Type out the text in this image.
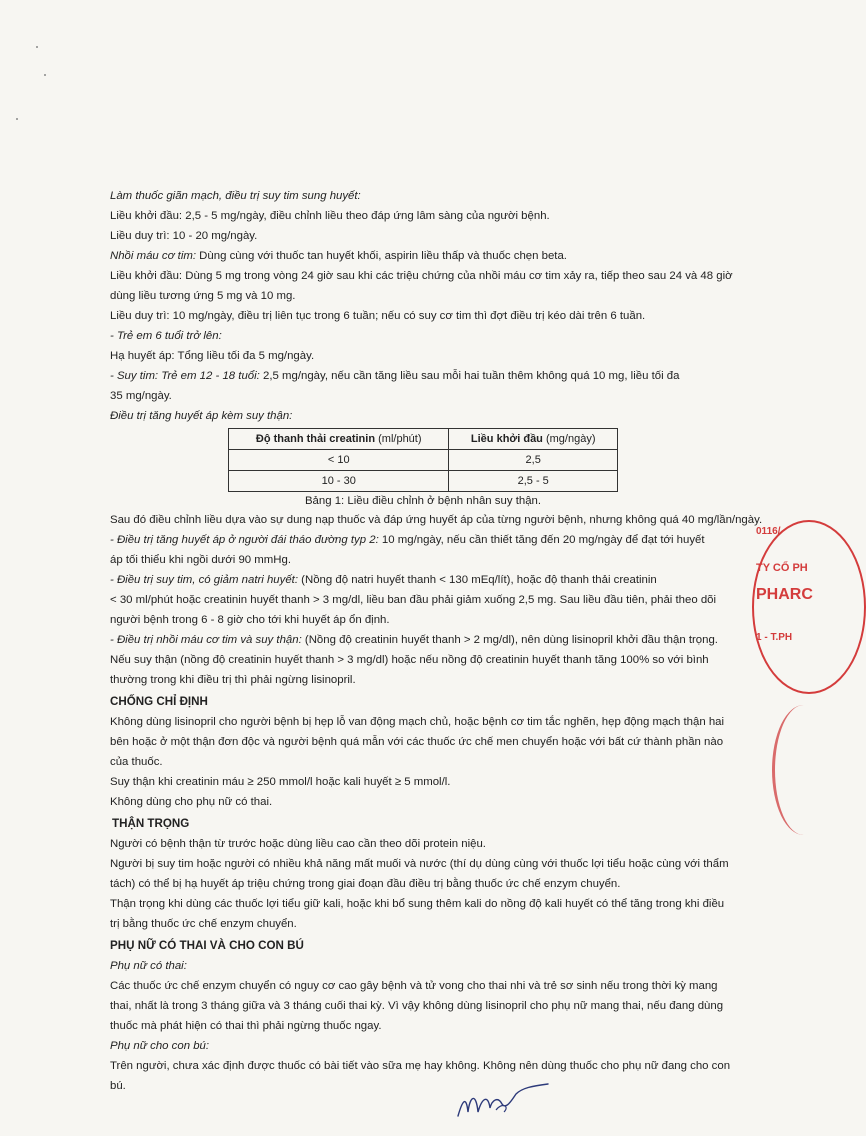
Làm thuốc giãn mạch, điều trị suy tim sung huyết:
Liều khởi đầu: 2,5 - 5 mg/ngày, điều chỉnh liều theo đáp ứng lâm sàng của người bệnh.
Liều duy trì: 10 - 20 mg/ngày.
Nhồi máu cơ tim: Dùng cùng với thuốc tan huyết khối, aspirin liều thấp và thuốc chẹn beta.
Liều khởi đầu: Dùng 5 mg trong vòng 24 giờ sau khi các triệu chứng của nhồi máu cơ tim xảy ra, tiếp theo sau 24 và 48 giờ
dùng liều tương ứng 5 mg và 10 mg.
Liều duy trì: 10 mg/ngày, điều trị liên tục trong 6 tuần; nếu có suy cơ tim thì đợt điều trị kéo dài trên 6 tuần.
- Trẻ em 6 tuổi trở lên:
Hạ huyết áp: Tổng liều tối đa 5 mg/ngày.
- Suy tim: Trẻ em 12 - 18 tuổi: 2,5 mg/ngày, nếu cần tăng liều sau mỗi hai tuần thêm không quá 10 mg, liều tối đa
35 mg/ngày.
Điều trị tăng huyết áp kèm suy thận:
Độ thanh thải creatinin (ml/phút)	Liều khởi đầu (mg/ngày)
< 10	2,5
10 - 30	2,5 - 5
Bảng 1: Liều điều chỉnh ở bệnh nhân suy thận.
Sau đó điều chỉnh liều dựa vào sự dung nạp thuốc và đáp ứng huyết áp của từng người bệnh, nhưng không quá 40 mg/lần/ngày.
- Điều trị tăng huyết áp ở người đái tháo đường typ 2: 10 mg/ngày, nếu cần thiết tăng đến 20 mg/ngày để đạt tới huyết
áp tối thiểu khi ngồi dưới 90 mmHg.
- Điều trị suy tim, có giảm natri huyết: (Nồng độ natri huyết thanh < 130 mEq/lít), hoặc độ thanh thải creatinin
< 30 ml/phút hoặc creatinin huyết thanh > 3 mg/dl, liều ban đầu phải giảm xuống 2,5 mg. Sau liều đầu tiên, phải theo dõi
người bệnh trong 6 - 8 giờ cho tới khi huyết áp ổn định.
- Điều trị nhồi máu cơ tim và suy thận: (Nồng độ creatinin huyết thanh > 2 mg/dl), nên dùng lisinopril khởi đầu thận trọng.
Nếu suy thận (nồng độ creatinin huyết thanh > 3 mg/dl) hoặc nếu nồng độ creatinin huyết thanh tăng 100% so với bình
thường trong khi điều trị thì phải ngừng lisinopril.
CHỐNG CHỈ ĐỊNH
Không dùng lisinopril cho người bệnh bị hẹp lỗ van động mạch chủ, hoặc bệnh cơ tim tắc nghẽn, hẹp động mạch thận hai
bên hoặc ở một thận đơn độc và người bệnh quá mẫn với các thuốc ức chế men chuyển hoặc với bất cứ thành phần nào
của thuốc.
Suy thận khi creatinin máu ≥ 250 mmol/l hoặc kali huyết ≥ 5 mmol/l.
Không dùng cho phụ nữ có thai.
THẬN TRỌNG
Người có bệnh thận từ trước hoặc dùng liều cao cần theo dõi protein niệu.
Người bị suy tim hoặc người có nhiều khả năng mất muối và nước (thí dụ dùng cùng với thuốc lợi tiểu hoặc cùng với thẩm
tách) có thể bị hạ huyết áp triệu chứng trong giai đoạn đầu điều trị bằng thuốc ức chế enzym chuyển.
Thận trọng khi dùng các thuốc lợi tiểu giữ kali, hoặc khi bổ sung thêm kali do nồng độ kali huyết có thể tăng trong khi điều
trị bằng thuốc ức chế enzym chuyển.
PHỤ NỮ CÓ THAI VÀ CHO CON BÚ
Phụ nữ có thai:
Các thuốc ức chế enzym chuyển có nguy cơ cao gây bệnh và tử vong cho thai nhi và trẻ sơ sinh nếu trong thời kỳ mang
thai, nhất là trong 3 tháng giữa và 3 tháng cuối thai kỳ. Vì vậy không dùng lisinopril cho phụ nữ mang thai, nếu đang dùng
thuốc mà phát hiện có thai thì phải ngừng thuốc ngay.
Phụ nữ cho con bú:
Trên người, chưa xác định được thuốc có bài tiết vào sữa mẹ hay không. Không nên dùng thuốc cho phụ nữ đang cho con
bú.
0116/
TY CỔ PH
PHARC
1 - T.PH
